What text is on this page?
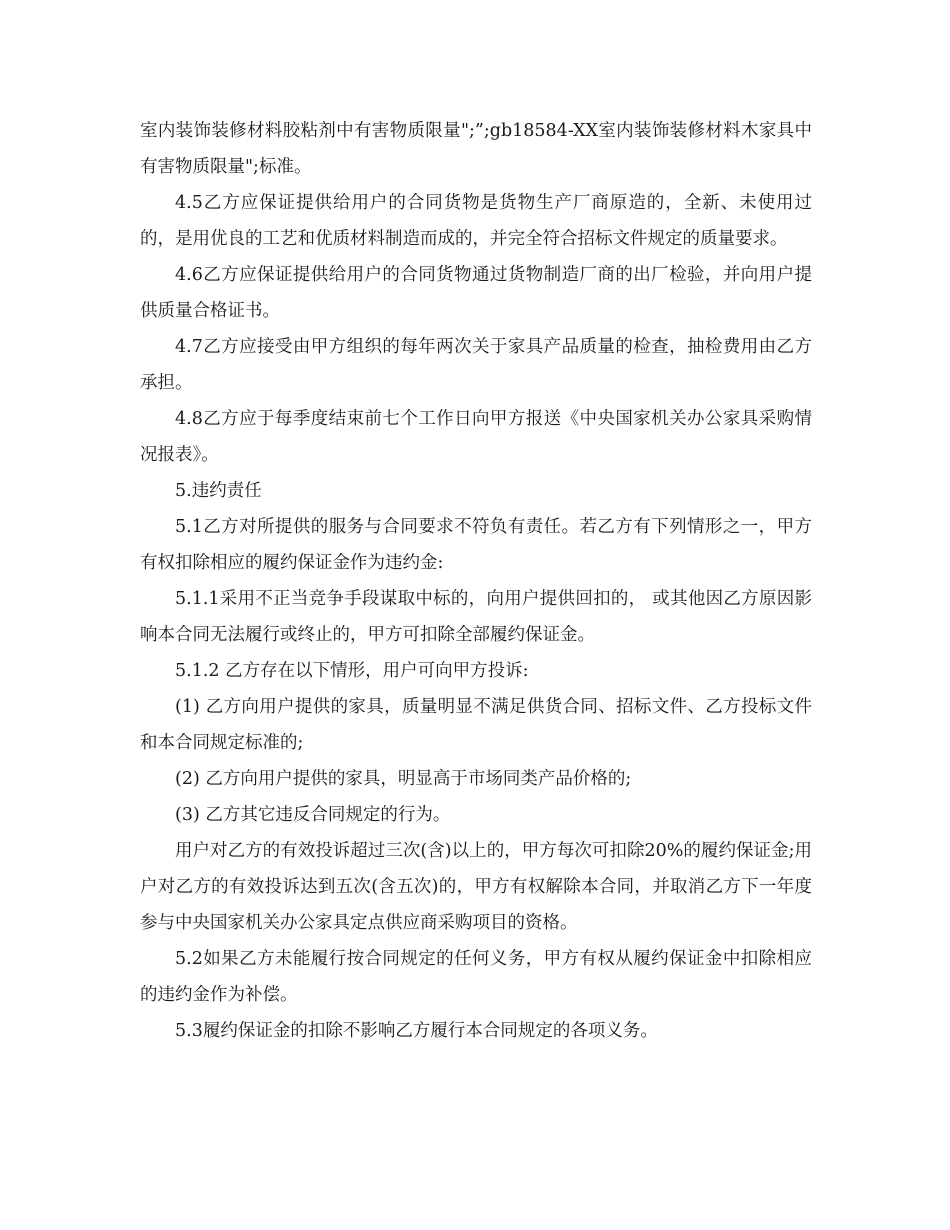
室内装饰装修材料胶粘剂中有害物质限量";”;gb18584-XX室内装饰装修材料木家具中有害物质限量";标准。

4.5乙方应保证提供给用户的合同货物是货物生产厂商原造的，全新、未使用过的，是用优良的工艺和优质材料制造而成的，并完全符合招标文件规定的质量要求。

4.6乙方应保证提供给用户的合同货物通过货物制造厂商的出厂检验，并向用户提供质量合格证书。

4.7乙方应接受由甲方组织的每年两次关于家具产品质量的检查，抽检费用由乙方承担。

4.8乙方应于每季度结束前七个工作日向甲方报送《中央国家机关办公家具采购情况报表》。

5.违约责任

5.1乙方对所提供的服务与合同要求不符负有责任。若乙方有下列情形之一，甲方有权扣除相应的履约保证金作为违约金:

5.1.1采用不正当竞争手段谋取中标的，向用户提供回扣的， 或其他因乙方原因影响本合同无法履行或终止的，甲方可扣除全部履约保证金。

5.1.2 乙方存在以下情形，用户可向甲方投诉:

(1) 乙方向用户提供的家具，质量明显不满足供货合同、招标文件、乙方投标文件和本合同规定标准的;

(2) 乙方向用户提供的家具，明显高于市场同类产品价格的;

(3) 乙方其它违反合同规定的行为。

用户对乙方的有效投诉超过三次(含)以上的，甲方每次可扣除20%的履约保证金;用户对乙方的有效投诉达到五次(含五次)的，甲方有权解除本合同，并取消乙方下一年度参与中央国家机关办公家具定点供应商采购项目的资格。

5.2如果乙方未能履行按合同规定的任何义务，甲方有权从履约保证金中扣除相应的违约金作为补偿。

5.3履约保证金的扣除不影响乙方履行本合同规定的各项义务。
